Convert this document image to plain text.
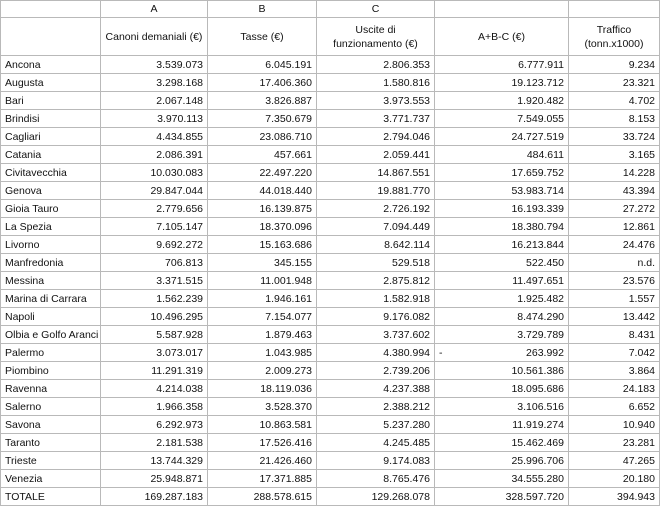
	A	B	C		
	Canoni demaniali (€)	Tasse (€)	Uscite di funzionamento (€)	A+B-C (€)	Traffico (tonn.x1000)
Ancona	3.539.073	6.045.191	2.806.353	6.777.911	9.234
Augusta	3.298.168	17.406.360	1.580.816	19.123.712	23.321
Bari	2.067.148	3.826.887	3.973.553	1.920.482	4.702
Brindisi	3.970.113	7.350.679	3.771.737	7.549.055	8.153
Cagliari	4.434.855	23.086.710	2.794.046	24.727.519	33.724
Catania	2.086.391	457.661	2.059.441	484.611	3.165
Civitavecchia	10.030.083	22.497.220	14.867.551	17.659.752	14.228
Genova	29.847.044	44.018.440	19.881.770	53.983.714	43.394
Gioia Tauro	2.779.656	16.139.875	2.726.192	16.193.339	27.272
La Spezia	7.105.147	18.370.096	7.094.449	18.380.794	12.861
Livorno	9.692.272	15.163.686	8.642.114	16.213.844	24.476
Manfredonia	706.813	345.155	529.518	522.450	n.d.
Messina	3.371.515	11.001.948	2.875.812	11.497.651	23.576
Marina di Carrara	1.562.239	1.946.161	1.582.918	1.925.482	1.557
Napoli	10.496.295	7.154.077	9.176.082	8.474.290	13.442
Olbia e Golfo Aranci	5.587.928	1.879.463	3.737.602	3.729.789	8.431
Palermo	3.073.017	1.043.985	4.380.994	- 263.992	7.042
Piombino	11.291.319	2.009.273	2.739.206	10.561.386	3.864
Ravenna	4.214.038	18.119.036	4.237.388	18.095.686	24.183
Salerno	1.966.358	3.528.370	2.388.212	3.106.516	6.652
Savona	6.292.973	10.863.581	5.237.280	11.919.274	10.940
Taranto	2.181.538	17.526.416	4.245.485	15.462.469	23.281
Trieste	13.744.329	21.426.460	9.174.083	25.996.706	47.265
Venezia	25.948.871	17.371.885	8.765.476	34.555.280	20.180
TOTALE	169.287.183	288.578.615	129.268.078	328.597.720	394.943
